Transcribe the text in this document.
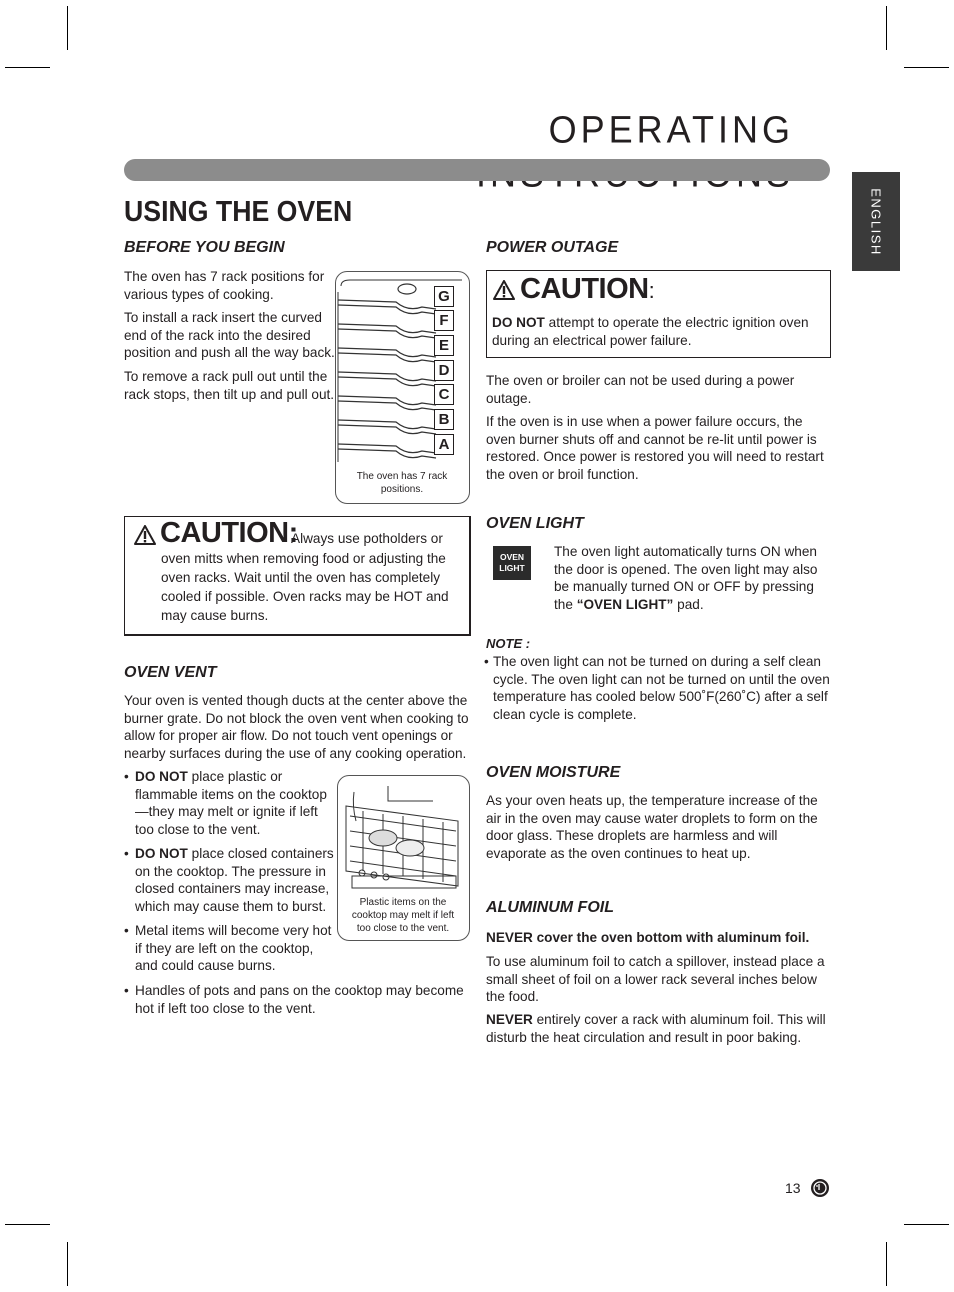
OPERATING
ENGLISH
USING THE OVEN
BEFORE YOU BEGIN

The oven has 7 rack positions for various types of cooking.

To install a rack insert the curved end of the rack into the desired position and push all the way back.

To remove a rack pull out until the rack stops, then tilt up and pull out.

G
F
E
D
C
B
A
The oven has 7 rack positions.
CAUTION:
Always use potholders or

oven mitts when removing food or adjusting the oven racks. Wait until the oven has completely cooled if possible. Oven racks may be HOT and may cause burns.

OVEN VENT

Your oven is vented though ducts at the center above the burner grate. Do not block the oven vent when cooking to allow for proper air flow. Do not touch vent openings or nearby surfaces during the use of any cooking operation.

• DO NOT place plastic or flammable items on the cooktop—they may melt or ignite if left too close to the vent.
• DO NOT place closed containers on the cooktop. The pressure in closed containers may increase, which may cause them to burst.
• Metal items will become very hot if they are left on the cooktop, and could cause burns.
• Handles of pots and pans on the cooktop may become hot if left too close to the vent.
Plastic items on the cooktop may melt if left too close to the vent.
POWER OUTAGE
CAUTION:

DO NOT attempt to operate the electric ignition oven during an electrical power failure.

The oven or broiler can not be used during a power outage.

If the oven is in use when a power failure occurs, the oven burner shuts off and cannot be re-lit until power is restored. Once power is restored you will need to restart the oven or broil function.

OVEN LIGHT
OVEN
LIGHT

The oven light automatically turns ON when the door is opened. The oven light may also be manually turned ON or OFF by pressing the “OVEN LIGHT” pad.

NOTE :
• The oven light can not be turned on during a self clean cycle. The oven light can not be turned on until the oven temperature has cooled below 500˚F(260˚C) after a self clean cycle is complete.
OVEN MOISTURE

As your oven heats up, the temperature increase of the air in the oven may cause water droplets to form on the door glass. These droplets are harmless and will evaporate as the oven continues to heat up.

ALUMINUM FOIL

NEVER cover the oven bottom with aluminum foil.

To use aluminum foil to catch a spillover, instead place a small sheet of foil on a lower rack several inches below the food.

NEVER entirely cover a rack with aluminum foil. This will disturb the heat circulation and result in poor baking.

13
